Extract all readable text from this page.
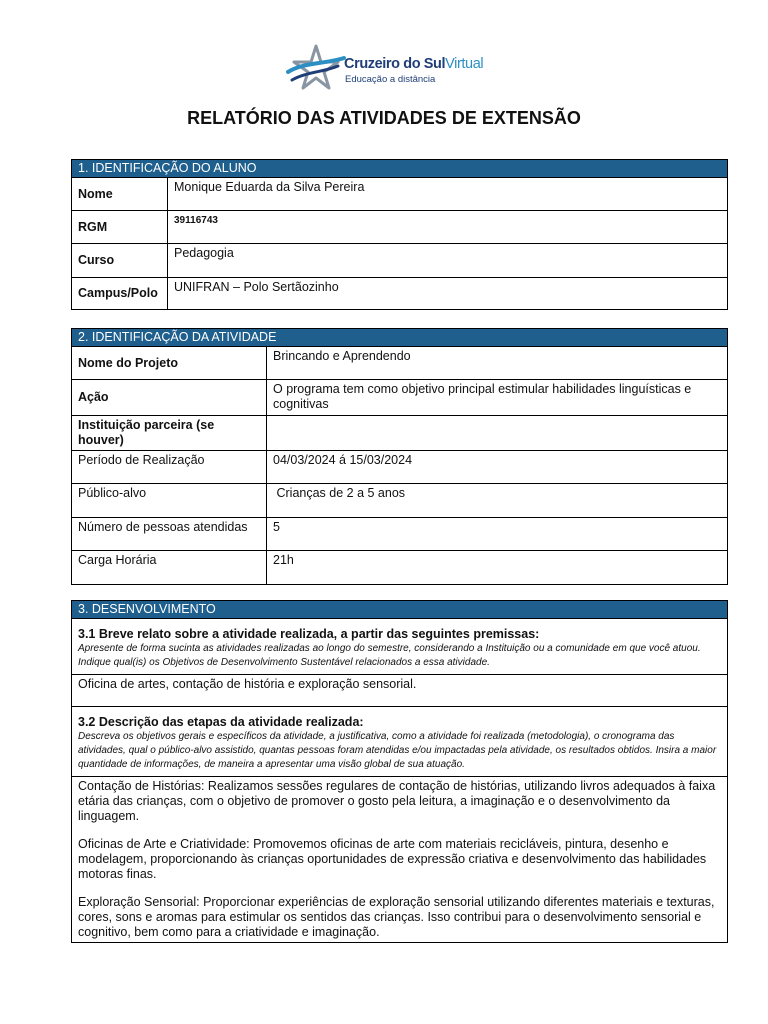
Cruzeiro do SulVirtual
Educação a distância
RELATÓRIO DAS ATIVIDADES DE EXTENSÃO
1. IDENTIFICAÇÃO DO ALUNO	
Nome	Monique Eduarda da Silva Pereira
RGM	39116743
Curso	Pedagogia
Campus/Polo	UNIFRAN – Polo Sertãozinho
2. IDENTIFICAÇÃO DA ATIVIDADE	
Nome do Projeto	Brincando e Aprendendo
Ação	O programa tem como objetivo principal estimular habilidades linguísticas e cognitivas
Instituição parceira (se houver)	
Período de Realização	04/03/2024 á 15/03/2024
Público-alvo	Crianças de 2 a 5 anos
Número de pessoas atendidas	5
Carga Horária	21h
3. DESENVOLVIMENTO

3.1 Breve relato sobre a atividade realizada, a partir das seguintes premissas:
Apresente de forma sucinta as atividades realizadas ao longo do semestre, considerando a Instituição ou a comunidade em que você atuou. Indique qual(is) os Objetivos de Desenvolvimento Sustentável relacionados a essa atividade.

Oficina de artes, contação de história e exploração sensorial.

3.2 Descrição das etapas da atividade realizada:
Descreva os objetivos gerais e específicos da atividade, a justificativa, como a atividade foi realizada (metodologia), o cronograma das atividades, qual o público-alvo assistido, quantas pessoas foram atendidas e/ou impactadas pela atividade, os resultados obtidos. Insira a maior quantidade de informações, de maneira a apresentar uma visão global de sua atuação.

Contação de Histórias: Realizamos sessões regulares de contação de histórias, utilizando livros adequados à faixa etária das crianças, com o objetivo de promover o gosto pela leitura, a imaginação e o desenvolvimento da linguagem.

Oficinas de Arte e Criatividade: Promovemos oficinas de arte com materiais recicláveis, pintura, desenho e modelagem, proporcionando às crianças oportunidades de expressão criativa e desenvolvimento das habilidades motoras finas.

Exploração Sensorial: Proporcionar experiências de exploração sensorial utilizando diferentes materiais e texturas, cores, sons e aromas para estimular os sentidos das crianças. Isso contribui para o desenvolvimento sensorial e cognitivo, bem como para a criatividade e imaginação.
